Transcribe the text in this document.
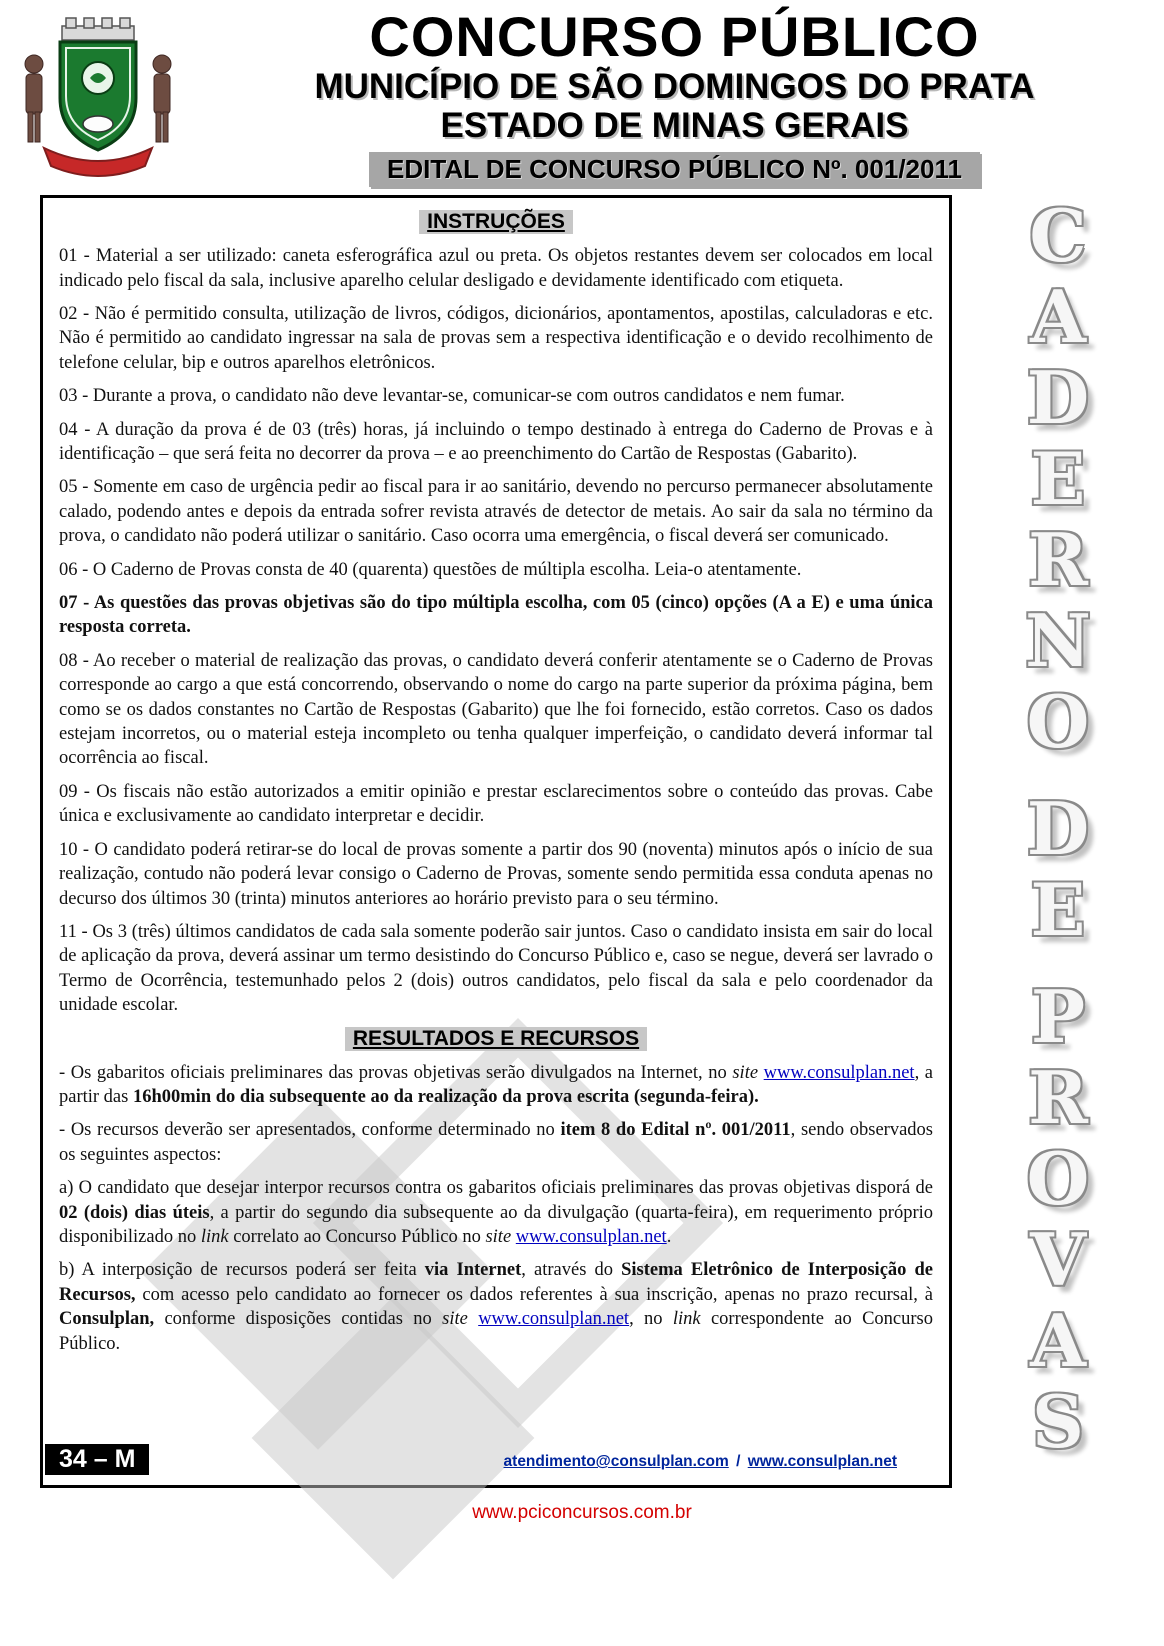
CONCURSO PÚBLICO
MUNICÍPIO DE SÃO DOMINGOS DO PRATA
ESTADO DE MINAS GERAIS
EDITAL DE CONCURSO PÚBLICO Nº. 001/2011
INSTRUÇÕES

01 - Material a ser utilizado: caneta esferográfica azul ou preta. Os objetos restantes devem ser colocados em local indicado pelo fiscal da sala, inclusive aparelho celular desligado e devidamente identificado com etiqueta.

02 - Não é permitido consulta, utilização de livros, códigos, dicionários, apontamentos, apostilas, calculadoras e etc. Não é permitido ao candidato ingressar na sala de provas sem a respectiva identificação e o devido recolhimento de telefone celular, bip e outros aparelhos eletrônicos.

03 - Durante a prova, o candidato não deve levantar-se, comunicar-se com outros candidatos e nem fumar.

04 - A duração da prova é de 03 (três) horas, já incluindo o tempo destinado à entrega do Caderno de Provas e à identificação – que será feita no decorrer da prova – e ao preenchimento do Cartão de Respostas (Gabarito).

05 - Somente em caso de urgência pedir ao fiscal para ir ao sanitário, devendo no percurso permanecer absolutamente calado, podendo antes e depois da entrada sofrer revista através de detector de metais. Ao sair da sala no término da prova, o candidato não poderá utilizar o sanitário. Caso ocorra uma emergência, o fiscal deverá ser comunicado.

06 - O Caderno de Provas consta de 40 (quarenta) questões de múltipla escolha. Leia-o atentamente.

07 - As questões das provas objetivas são do tipo múltipla escolha, com 05 (cinco) opções (A a E) e uma única resposta correta.

08 - Ao receber o material de realização das provas, o candidato deverá conferir atentamente se o Caderno de Provas corresponde ao cargo a que está concorrendo, observando o nome do cargo na parte superior da próxima página, bem como se os dados constantes no Cartão de Respostas (Gabarito) que lhe foi fornecido, estão corretos. Caso os dados estejam incorretos, ou o material esteja incompleto ou tenha qualquer imperfeição, o candidato deverá informar tal ocorrência ao fiscal.

09 - Os fiscais não estão autorizados a emitir opinião e prestar esclarecimentos sobre o conteúdo das provas. Cabe única e exclusivamente ao candidato interpretar e decidir.

10 - O candidato poderá retirar-se do local de provas somente a partir dos 90 (noventa) minutos após o início de sua realização, contudo não poderá levar consigo o Caderno de Provas, somente sendo permitida essa conduta apenas no decurso dos últimos 30 (trinta) minutos anteriores ao horário previsto para o seu término.

11 - Os 3 (três) últimos candidatos de cada sala somente poderão sair juntos. Caso o candidato insista em sair do local de aplicação da prova, deverá assinar um termo desistindo do Concurso Público e, caso se negue, deverá ser lavrado o Termo de Ocorrência, testemunhado pelos 2 (dois) outros candidatos, pelo fiscal da sala e pelo coordenador da unidade escolar.

RESULTADOS E RECURSOS

- Os gabaritos oficiais preliminares das provas objetivas serão divulgados na Internet, no site www.consulplan.net, a partir das 16h00min do dia subsequente ao da realização da prova escrita (segunda-feira).

- Os recursos deverão ser apresentados, conforme determinado no item 8 do Edital nº. 001/2011, sendo observados os seguintes aspectos:

a) O candidato que desejar interpor recursos contra os gabaritos oficiais preliminares das provas objetivas disporá de 02 (dois) dias úteis, a partir do segundo dia subsequente ao da divulgação (quarta-feira), em requerimento próprio disponibilizado no link correlato ao Concurso Público no site www.consulplan.net.

b) A interposição de recursos poderá ser feita via Internet, através do Sistema Eletrônico de Interposição de Recursos, com acesso pelo candidato ao fornecer os dados referentes à sua inscrição, apenas no prazo recursal, à Consulplan, conforme disposições contidas no site www.consulplan.net, no link correspondente ao Concurso Público.

34 – M	atendimento@consulplan.com / www.consulplan.net
C
A
D
E
R
N
O
D
E
P
R
O
V
A
S
www.pciconcursos.com.br
